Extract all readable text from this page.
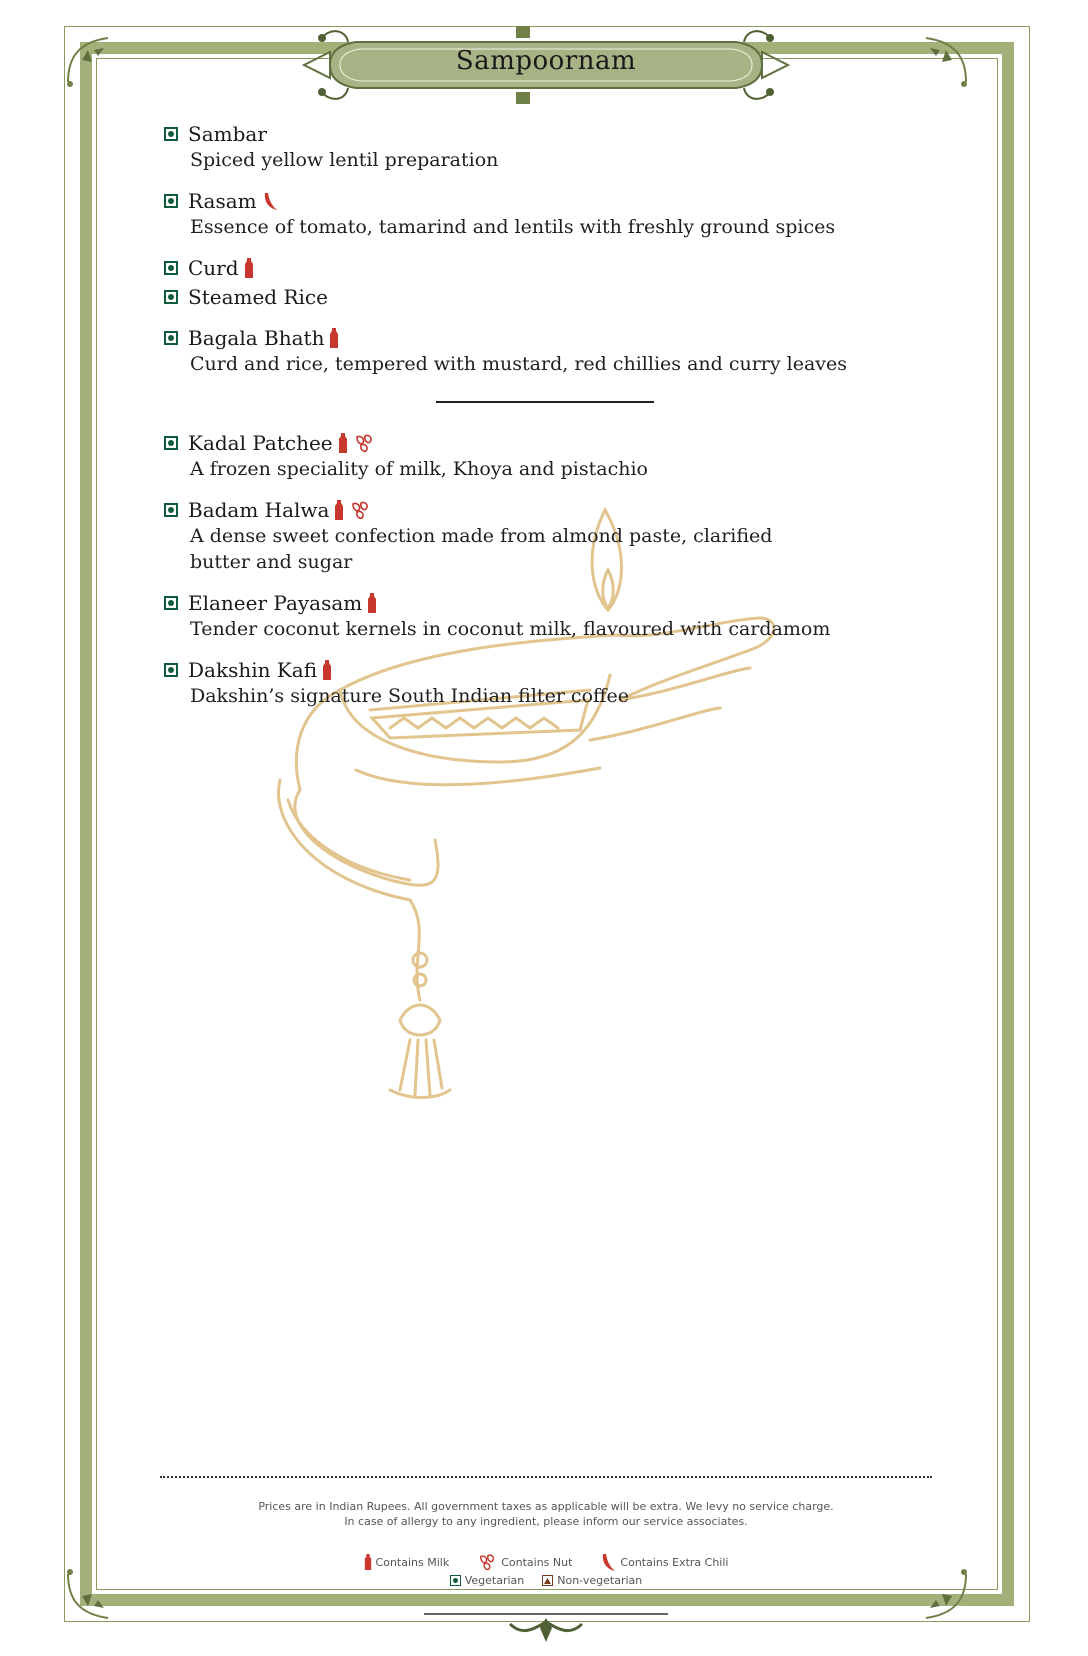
Sampoornam
Sambar
Spiced yellow lentil preparation
Rasam
Essence of tomato, tamarind and lentils with freshly ground spices
Curd
Steamed Rice
Bagala Bhath
Curd and rice, tempered with mustard, red chillies and curry leaves
Kadal Patchee
A frozen speciality of milk, Khoya and pistachio
Badam Halwa
A dense sweet confection made from almond paste, clarified
butter and sugar
Elaneer Payasam
Tender coconut kernels in coconut milk, flavoured with cardamom
Dakshin Kafi
Dakshin’s signature South Indian filter coffee
Prices are in Indian Rupees. All government taxes as applicable will be extra. We levy no service charge.
In case of allergy to any ingredient, please inform our service associates.
Contains Milk	Contains Nut	Contains Extra Chili
Vegetarian	Non-vegetarian
